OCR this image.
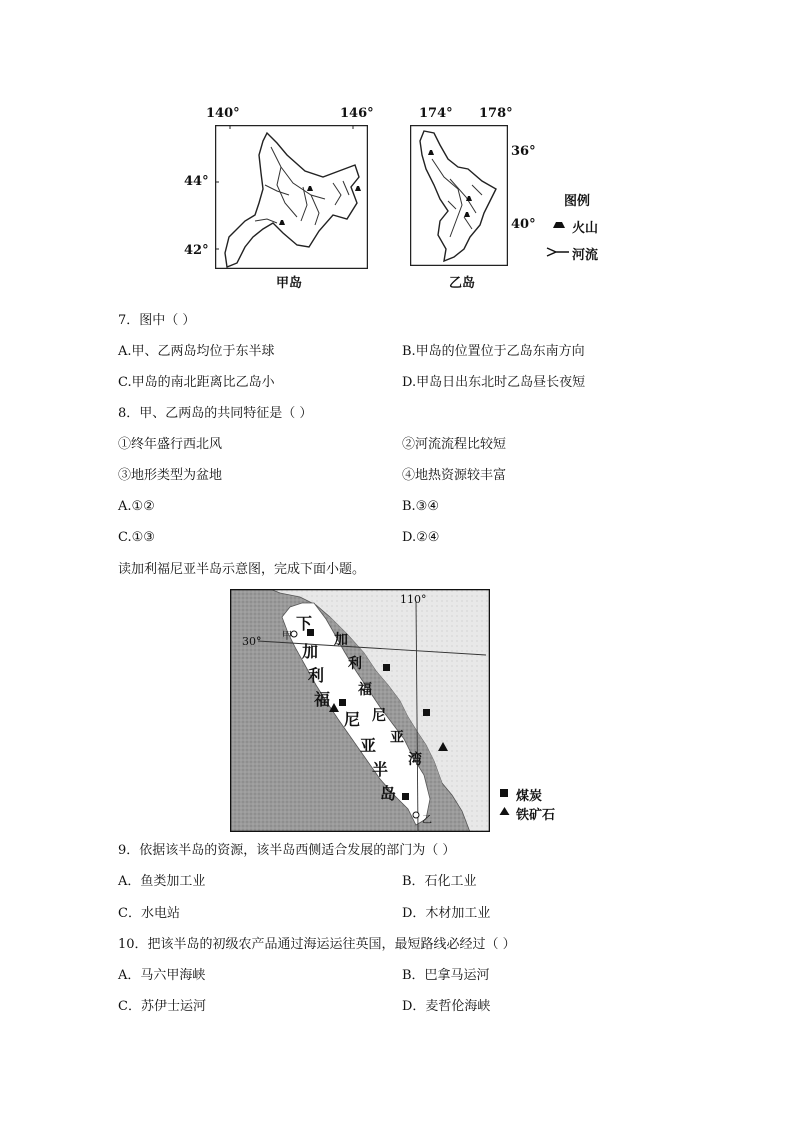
140°	146°
44°
42°
甲岛
174° 178°
36°
40°
乙岛
图例
火山
河流
7．图中（ ）
A.甲、乙两岛均位于东半球	B.甲岛的位置位于乙岛东南方向
C.甲岛的南北距离比乙岛小	D.甲岛日出东北时乙岛昼长夜短
8．甲、乙两岛的共同特征是（ ）
①终年盛行西北风	②河流流程比较短
③地形类型为盆地	④地热资源较丰富
A.①②	B.③④
C.①③	D.②④
读加利福尼亚半岛示意图，完成下面小题。
110°
30° 甲
乙
下
加
利
福
尼
亚
半
岛
加
利
福
尼
亚
湾
煤炭
铁矿石
9．依据该半岛的资源，该半岛西侧适合发展的部门为（ ）
A．鱼类加工业	B．石化工业
C．水电站	D．木材加工业
10．把该半岛的初级农产品通过海运运往英国，最短路线必经过（ ）
A．马六甲海峡	B．巴拿马运河
C．苏伊士运河	D．麦哲伦海峡
